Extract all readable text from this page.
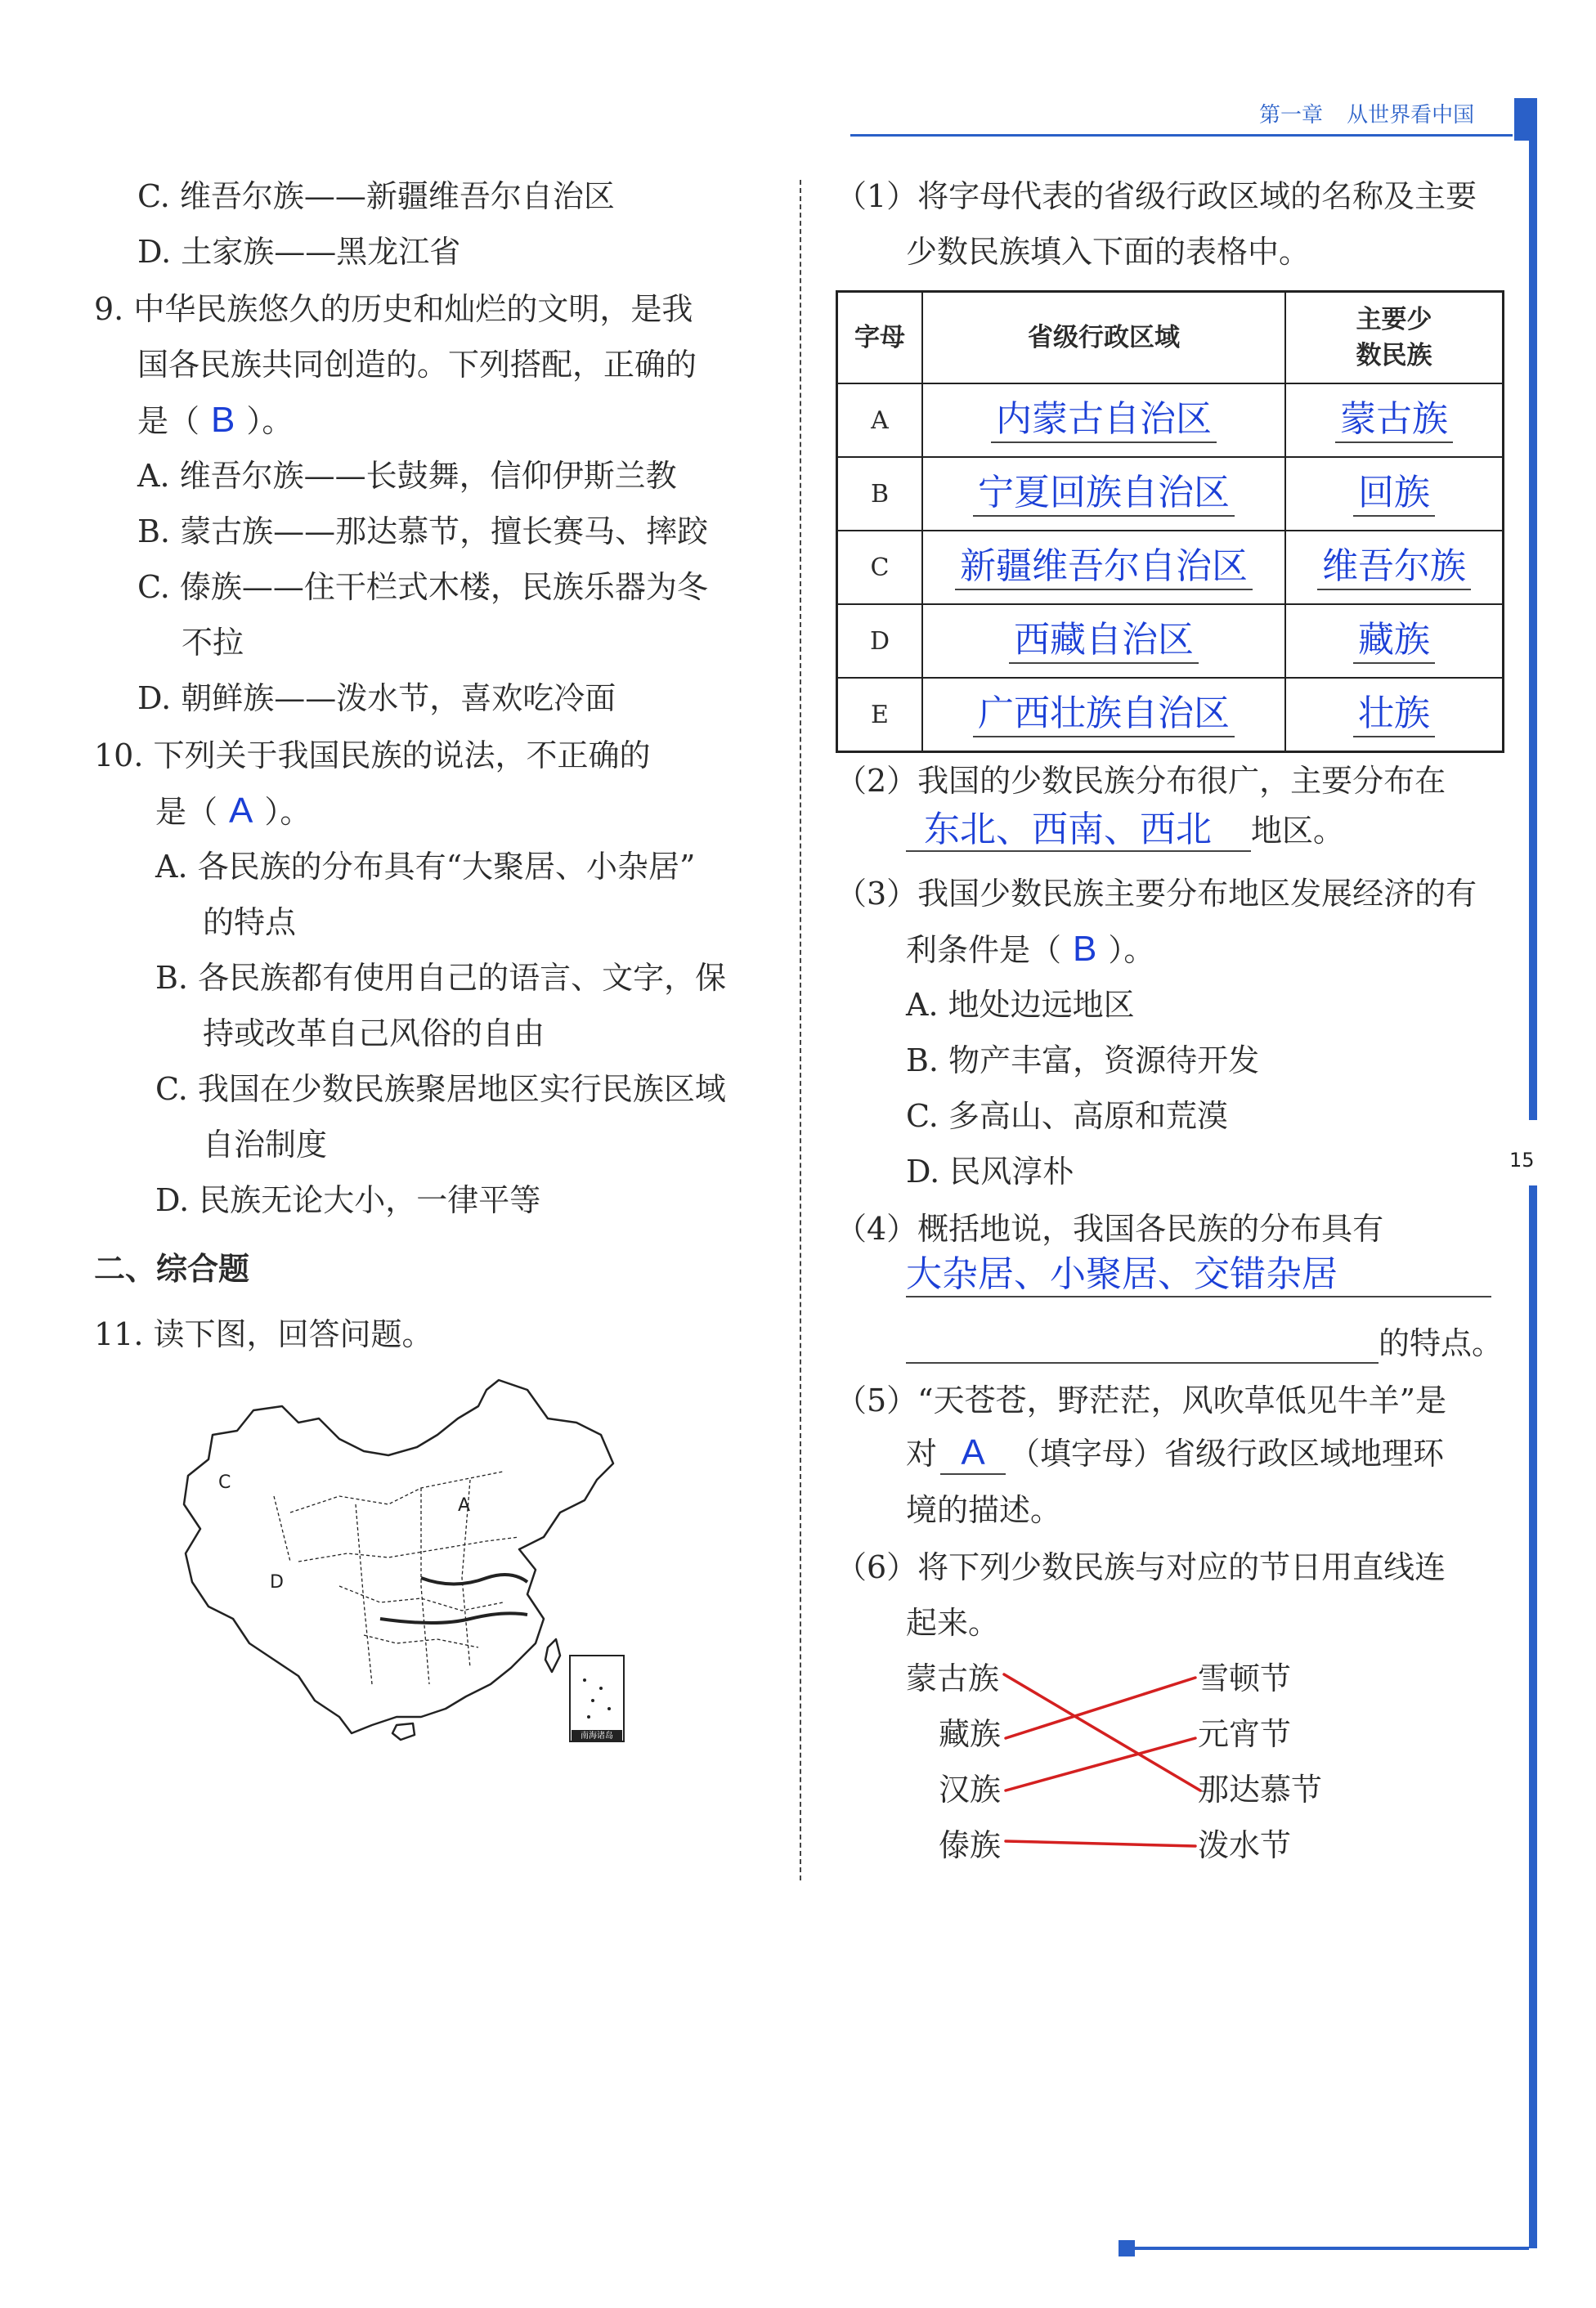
第一章 从世界看中国
15
C. 维吾尔族——新疆维吾尔自治区
D. 土家族——黑龙江省
9. 中华民族悠久的历史和灿烂的文明，是我
国各民族共同创造的。下列搭配，正确的
是（ B ）。
A. 维吾尔族——长鼓舞，信仰伊斯兰教
B. 蒙古族——那达慕节，擅长赛马、摔跤
C. 傣族——住干栏式木楼，民族乐器为冬
不拉
D. 朝鲜族——泼水节，喜欢吃冷面
10. 下列关于我国民族的说法，不正确的
是（ A ）。
A. 各民族的分布具有“大聚居、小杂居”
的特点
B. 各民族都有使用自己的语言、文字，保
持或改革自己风俗的自由
C. 我国在少数民族聚居地区实行民族区域
自治制度
D. 民族无论大小，一律平等
二、综合题
11. 读下图，回答问题。
C
A
D
南海诸岛
（1）将字母代表的省级行政区域的名称及主要
少数民族填入下面的表格中。
字母	省级行政区域	主要少
数民族
A	内蒙古自治区	蒙古族
B	宁夏回族自治区	回族
C	新疆维吾尔自治区	维吾尔族
D	西藏自治区	藏族
E	广西壮族自治区	壮族
（2）我国的少数民族分布很广，主要分布在
东北、西南、西北 地区。
（3）我国少数民族主要分布地区发展经济的有
利条件是（ B ）。
A. 地处边远地区
B. 物产丰富，资源待开发
C. 多高山、高原和荒漠
D. 民风淳朴
（4）概括地说，我国各民族的分布具有
大杂居、小聚居、交错杂居
的特点。
（5）“天苍苍，野茫茫，风吹草低见牛羊”是
对 A （填字母）省级行政区域地理环
境的描述。
（6）将下列少数民族与对应的节日用直线连
起来。
蒙古族
藏族
汉族
傣族
雪顿节
元宵节
那达慕节
泼水节
